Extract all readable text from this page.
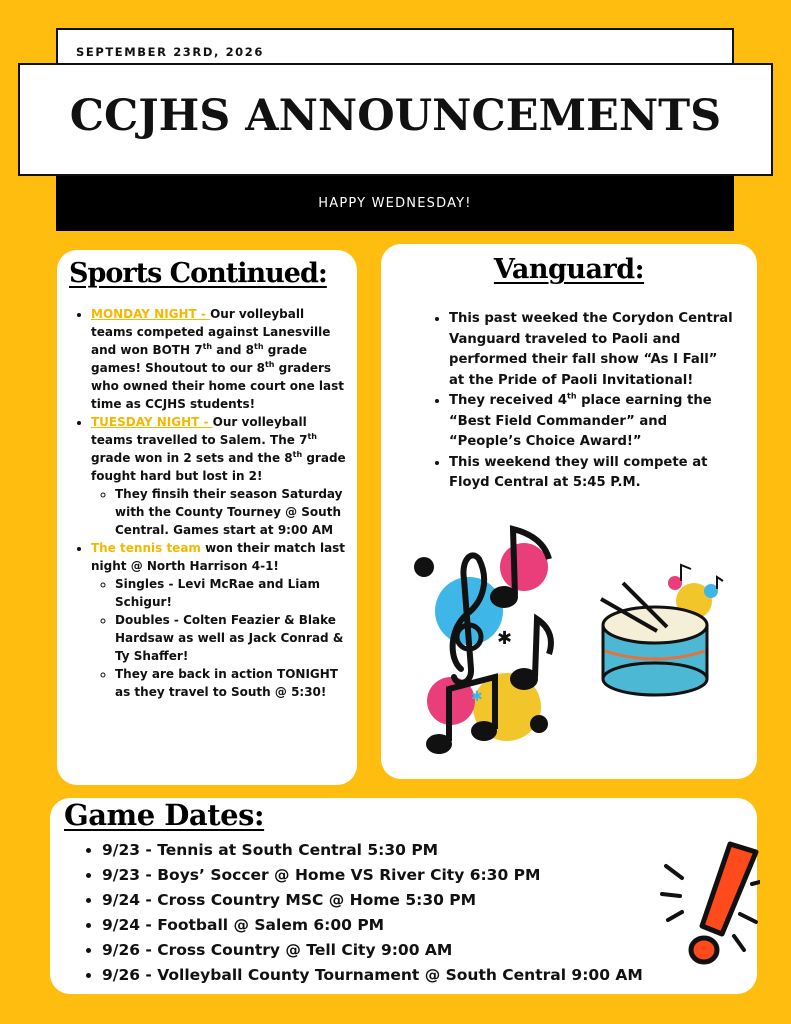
SEPTEMBER 23RD, 2026
CCJHS ANNOUNCEMENTS
HAPPY WEDNESDAY!
Sports Continued:
• MONDAY NIGHT - Our volleyball teams competed against Lanesville and won BOTH 7th and 8th grade games! Shoutout to our 8th graders who owned their home court one last time as CCJHS students!
• TUESDAY NIGHT - Our volleyball teams travelled to Salem. The 7th grade won in 2 sets and the 8th grade fought hard but lost in 2!
◦ They finsih their season Saturday with the County Tourney @ South Central. Games start at 9:00 AM
• The tennis team won their match last night @ North Harrison 4-1!
◦ Singles - Levi McRae and Liam Schigur!
◦ Doubles - Colten Feazier & Blake Hardsaw as well as Jack Conrad & Ty Shaffer!
◦ They are back in action TONIGHT as they travel to South @ 5:30!
Vanguard:
• This past weeked the Corydon Central Vanguard traveled to Paoli and performed their fall show “As I Fall” at the Pride of Paoli Invitational!
• They received 4th place earning the “Best Field Commander” and “People’s Choice Award!”
• This weekend they will compete at Floyd Central at 5:45 P.M.
✱
✱
Game Dates:
• 9/23 - Tennis at South Central 5:30 PM
• 9/23 - Boys’ Soccer @ Home VS River City 6:30 PM
• 9/24 - Cross Country MSC @ Home 5:30 PM
• 9/24 - Football @ Salem 6:00 PM
• 9/26 - Cross Country @ Tell City 9:00 AM
• 9/26 - Volleyball County Tournament @ South Central 9:00 AM
